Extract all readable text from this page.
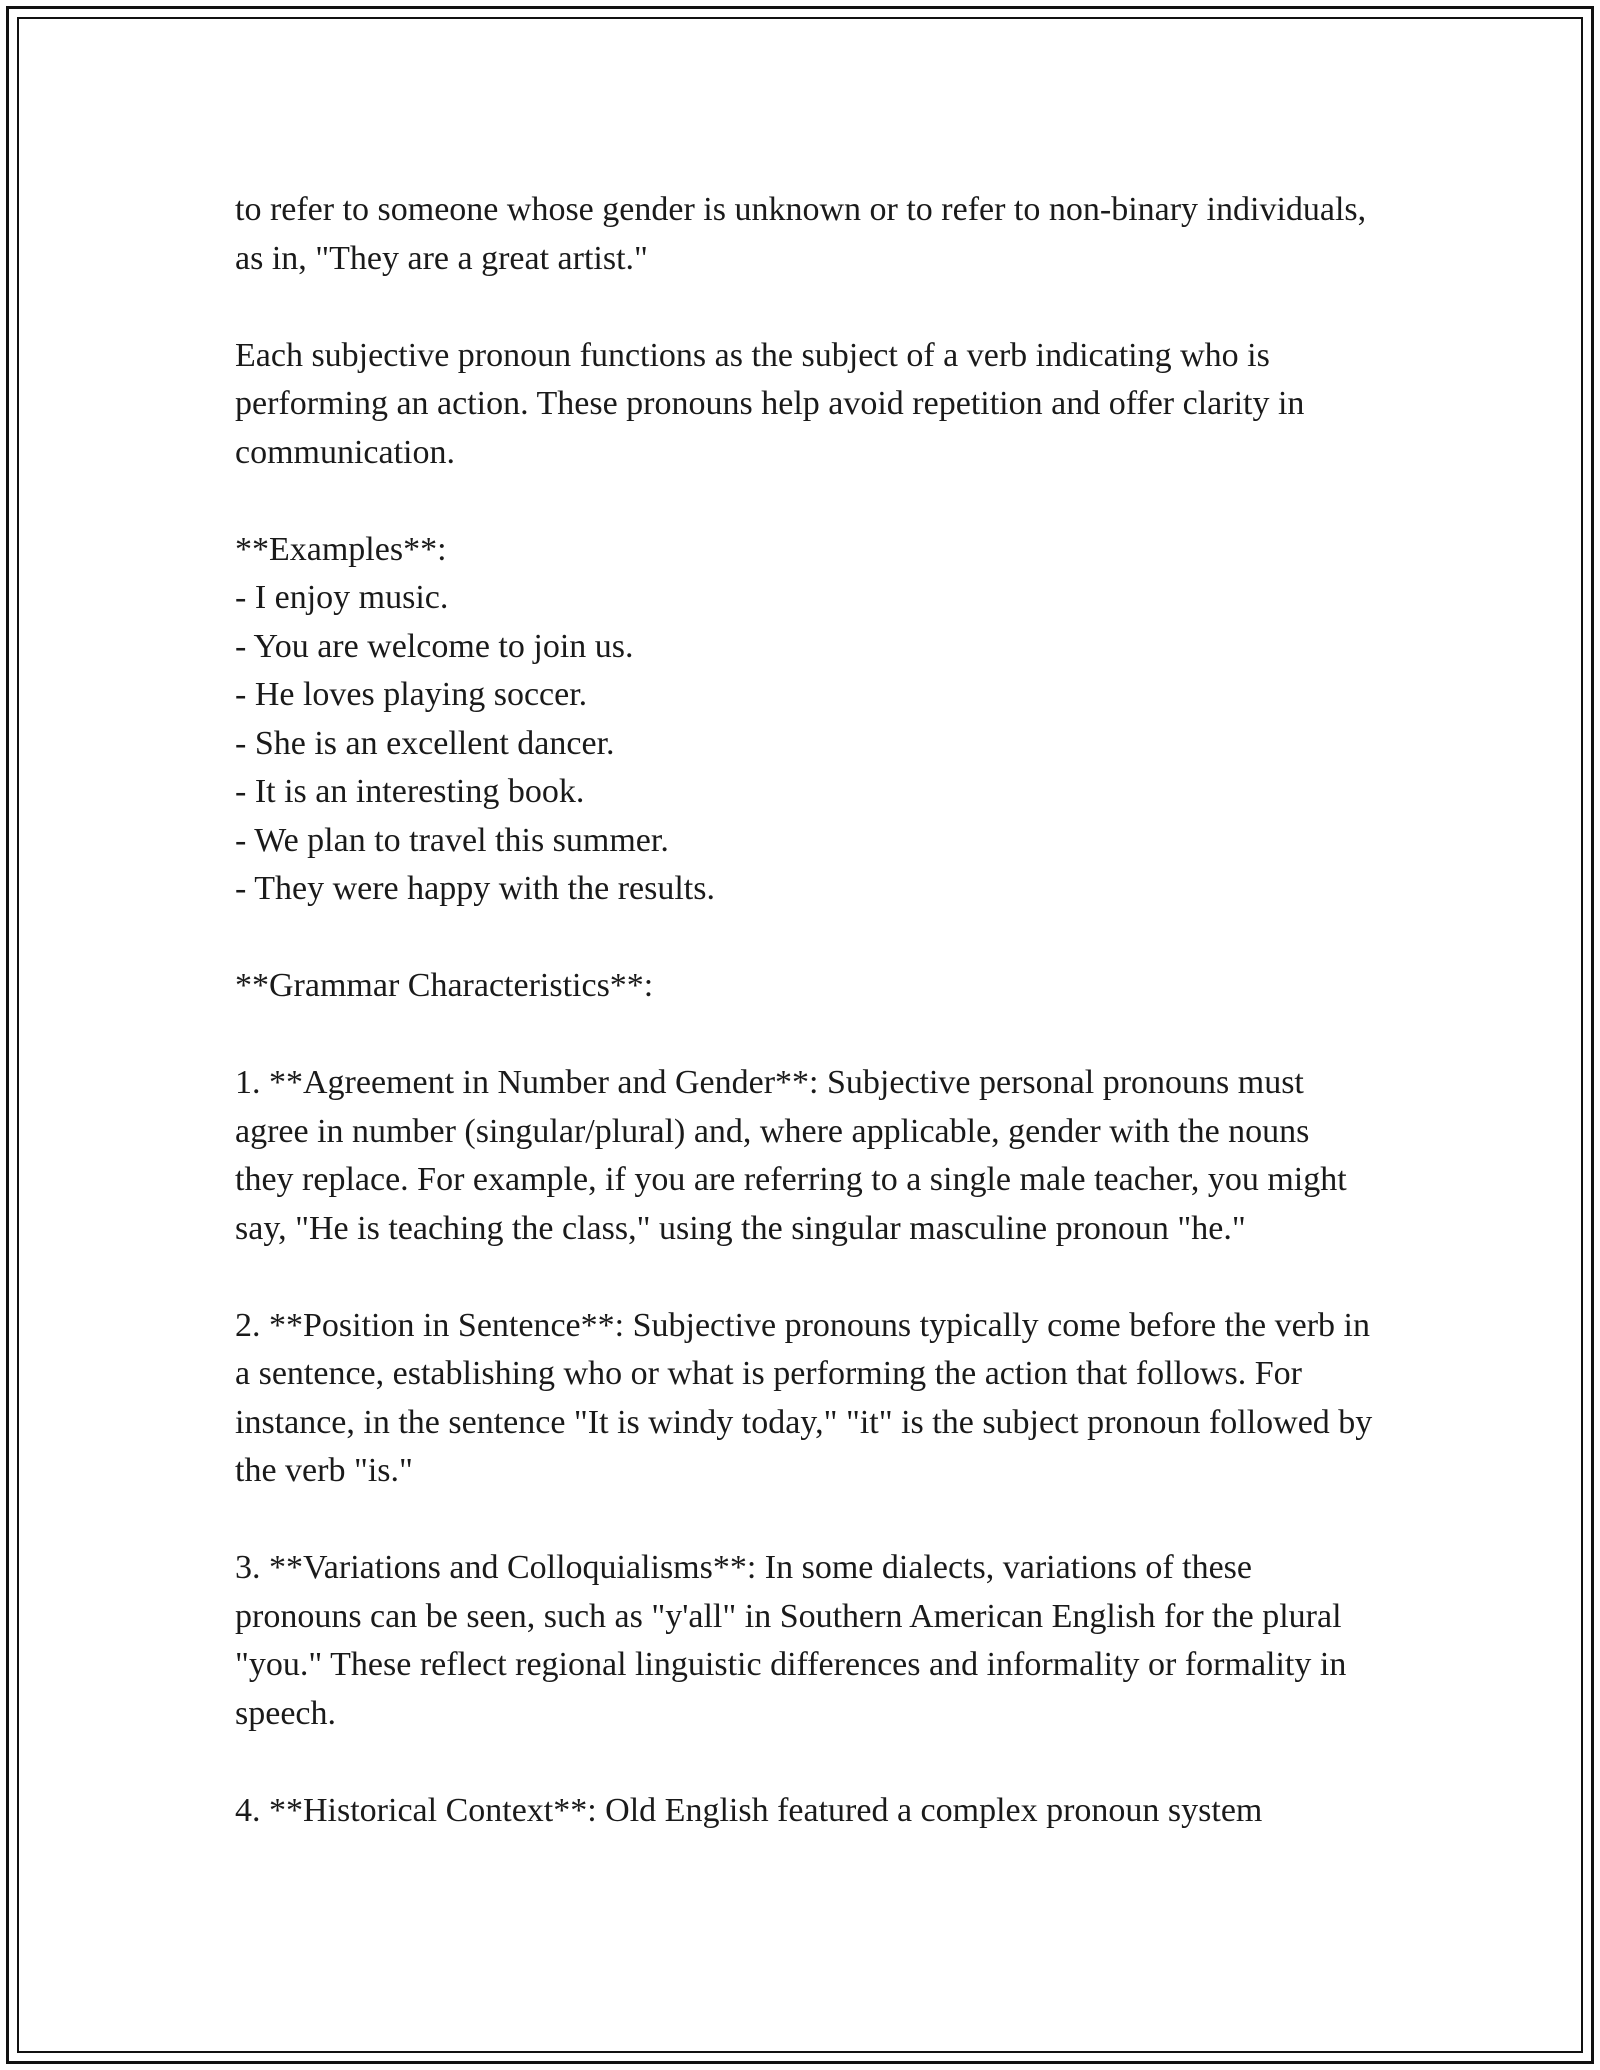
to refer to someone whose gender is unknown or to refer to non-binary individuals, as in, "They are a great artist."

Each subjective pronoun functions as the subject of a verb indicating who is performing an action. These pronouns help avoid repetition and offer clarity in communication.

**Examples**:

- I enjoy music.
- You are welcome to join us.
- He loves playing soccer.
- She is an excellent dancer.
- It is an interesting book.
- We plan to travel this summer.
- They were happy with the results.

**Grammar Characteristics**:

1. **Agreement in Number and Gender**: Subjective personal pronouns must agree in number (singular/plural) and, where applicable, gender with the nouns they replace. For example, if you are referring to a single male teacher, you might say, "He is teaching the class," using the singular masculine pronoun "he."

2. **Position in Sentence**: Subjective pronouns typically come before the verb in a sentence, establishing who or what is performing the action that follows. For instance, in the sentence "It is windy today," "it" is the subject pronoun followed by the verb "is."

3. **Variations and Colloquialisms**: In some dialects, variations of these pronouns can be seen, such as "y'all" in Southern American English for the plural "you." These reflect regional linguistic differences and informality or formality in speech.

4. **Historical Context**: Old English featured a complex pronoun system
